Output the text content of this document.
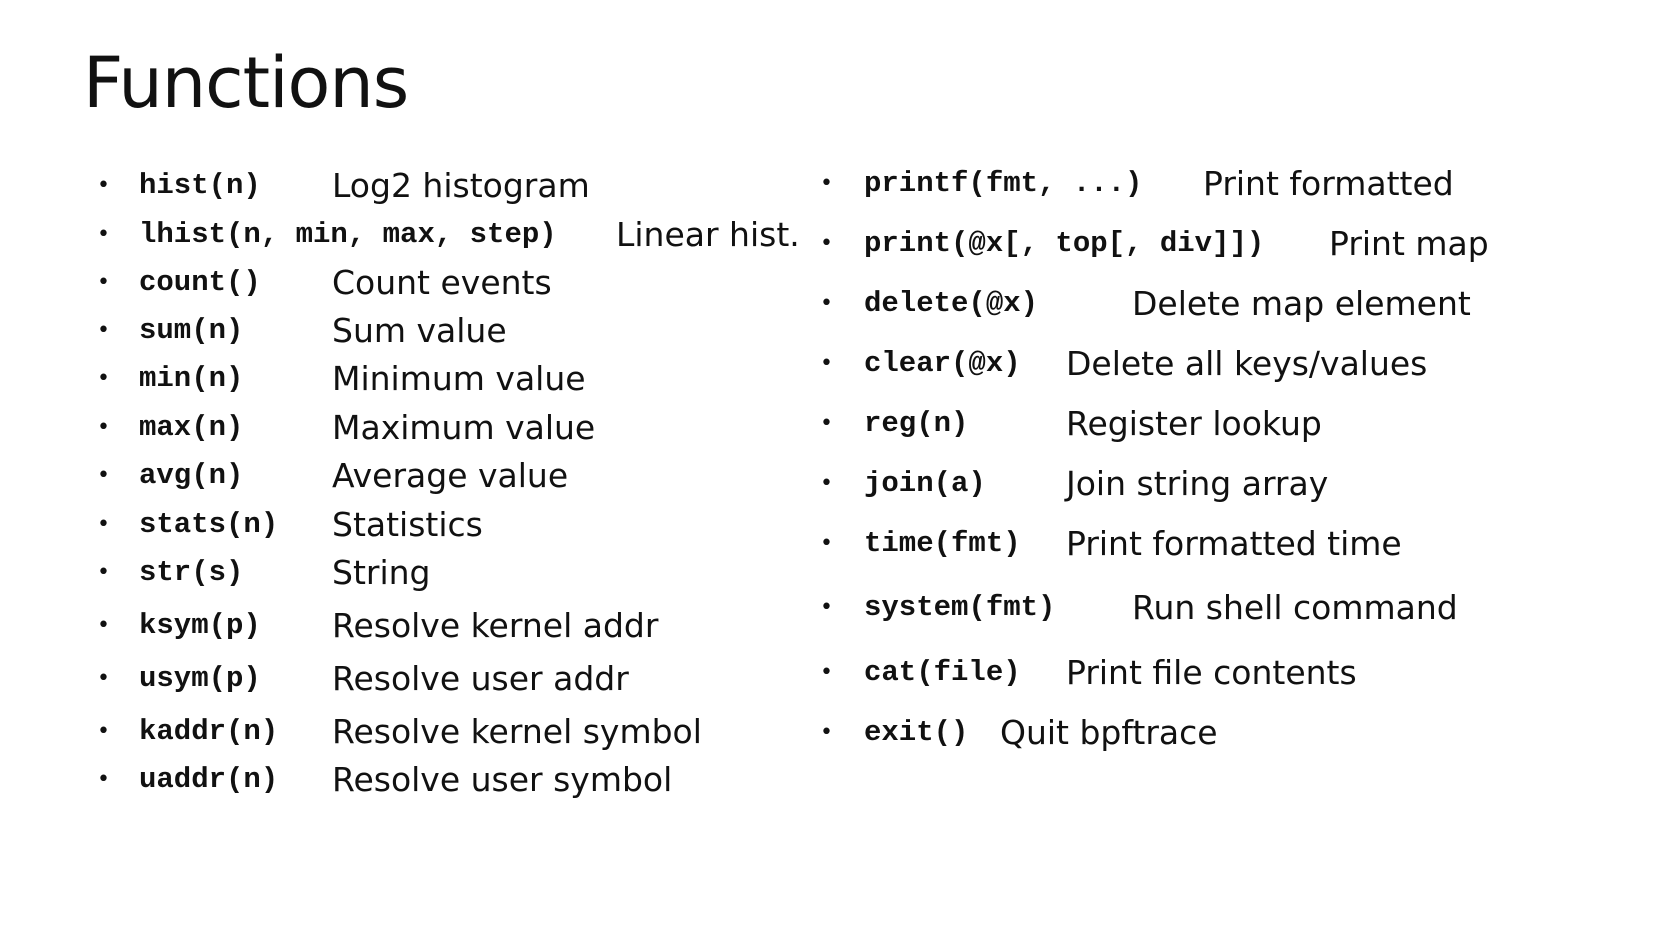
Functions
• hist(n) Log2 histogram
• lhist(n, min, max, step) Linear hist.
• count() Count events
• sum(n)	Sum value
• min(n)	Minimum value
• max(n)	Maximum value
• avg(n)	Average value
• stats(n) Statistics
• str(s)	String
• ksym(p) Resolve kernel addr
• usym(p) Resolve user addr
• kaddr(n) Resolve kernel symbol
• uaddr(n) Resolve user symbol
• printf(fmt, ...) Print formatted
• print(@x[, top[, div]]) Print map
• delete(@x)	Delete map element
• clear(@x) Delete all keys/values
• reg(n)	Register lookup
• join(a) Join string array
• time(fmt) Print formatted time
• system(fmt) Run shell command
• cat(file) Print file contents
• exit() Quit bpftrace
